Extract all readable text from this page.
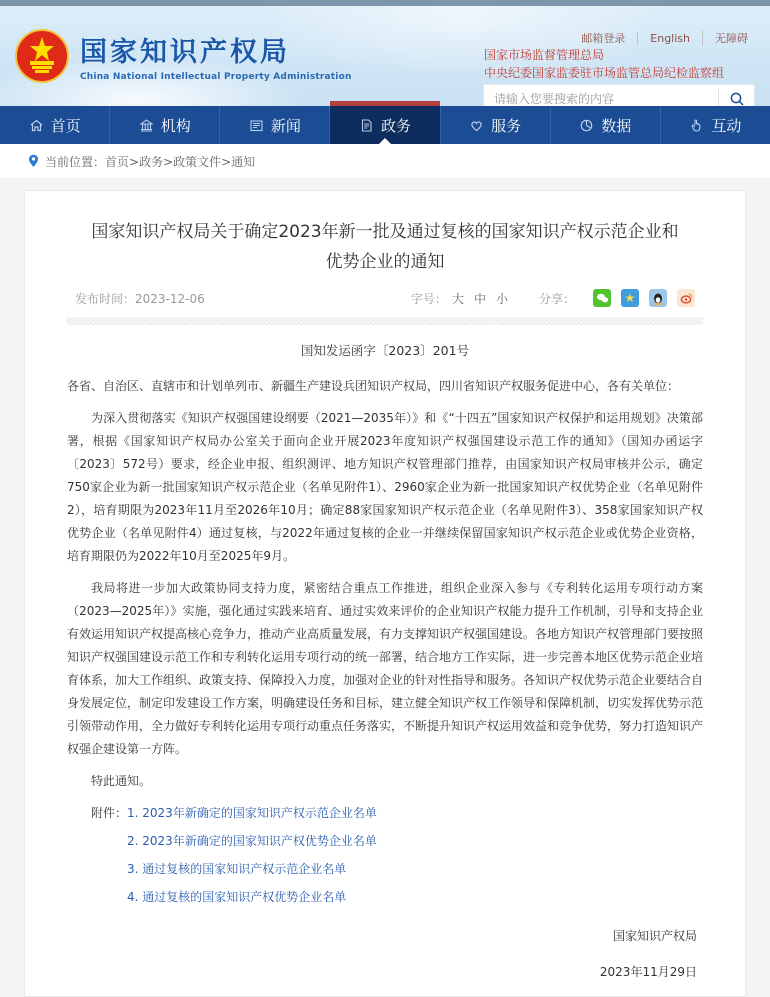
国家知识产权局
China National Intellectual Property Administration
邮箱登录	English	无障碍
国家市场监督管理总局
中央纪委国家监委驻市场监管总局纪检监察组
请输入您要搜索的内容
首页	机构	新闻	政务	服务	数据	互动
当前位置： 首页>政务>政策文件>通知
国家知识产权局关于确定2023年新一批及通过复核的国家知识产权示范企业和优势企业的通知
发布时间：2023-12-06	字号： 大 中 小	分享：	★
国知发运函字〔2023〕201号

各省、自治区、直辖市和计划单列市、新疆生产建设兵团知识产权局，四川省知识产权服务促进中心，各有关单位：

为深入贯彻落实《知识产权强国建设纲要（2021—2035年）》和《“十四五”国家知识产权保护和运用规划》决策部署，根据《国家知识产权局办公室关于面向企业开展2023年度知识产权强国建设示范工作的通知》（国知办函运字〔2023〕572号）要求，经企业申报、组织测评、地方知识产权管理部门推荐，由国家知识产权局审核并公示，确定750家企业为新一批国家知识产权示范企业（名单见附件1）、2960家企业为新一批国家知识产权优势企业（名单见附件2），培育期限为2023年11月至2026年10月；确定88家国家知识产权示范企业（名单见附件3）、358家国家知识产权优势企业（名单见附件4）通过复核，与2022年通过复核的企业一并继续保留国家知识产权示范企业或优势企业资格，培育期限仍为2022年10月至2025年9月。

我局将进一步加大政策协同支持力度，紧密结合重点工作推进，组织企业深入参与《专利转化运用专项行动方案（2023—2025年）》实施，强化通过实践来培育、通过实效来评价的企业知识产权能力提升工作机制，引导和支持企业有效运用知识产权提高核心竞争力，推动产业高质量发展，有力支撑知识产权强国建设。各地方知识产权管理部门要按照知识产权强国建设示范工作和专利转化运用专项行动的统一部署，结合地方工作实际，进一步完善本地区优势示范企业培育体系，加大工作组织、政策支持、保障投入力度，加强对企业的针对性指导和服务。各知识产权优势示范企业要结合自身发展定位，制定印发建设工作方案，明确建设任务和目标，建立健全知识产权工作领导和保障机制，切实发挥优势示范引领带动作用，全力做好专利转化运用专项行动重点任务落实，不断提升知识产权运用效益和竞争优势，努力打造知识产权强企建设第一方阵。

特此通知。

附件： 1. 2023年新确定的国家知识产权示范企业名单
2. 2023年新确定的国家知识产权优势企业名单
3. 通过复核的国家知识产权示范企业名单
4. 通过复核的国家知识产权优势企业名单
国家知识产权局
2023年11月29日
